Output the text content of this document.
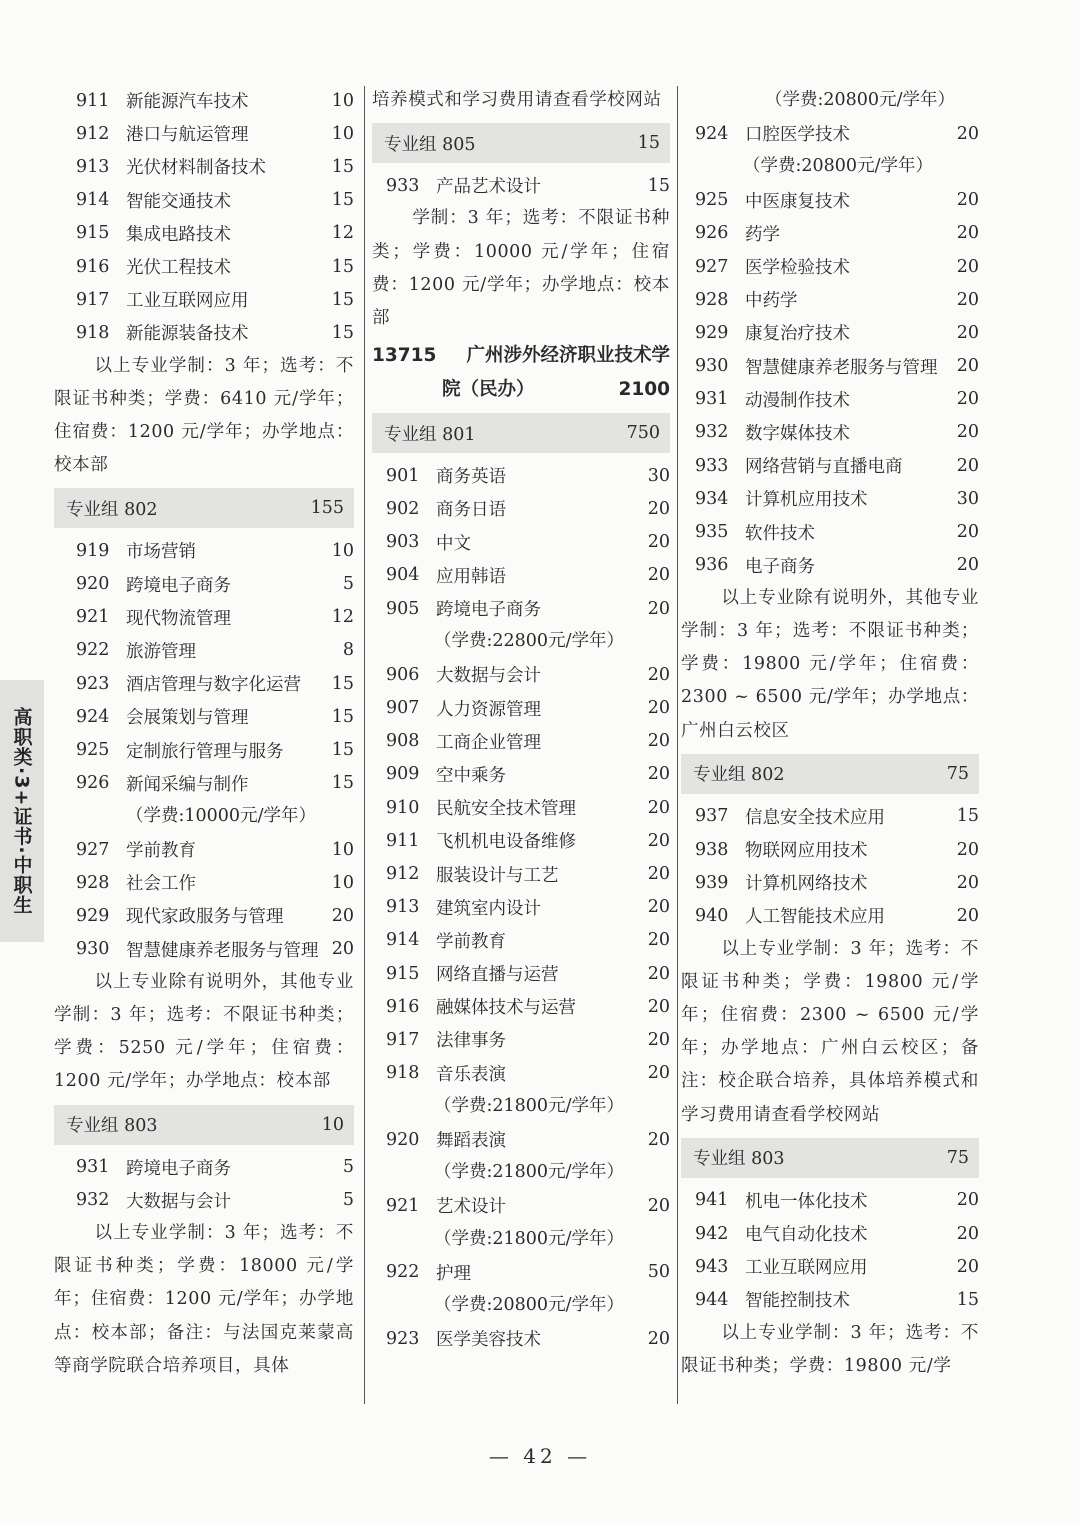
911 新能源汽车技术	10
912 港口与航运管理	10
913 光伏材料制备技术	15
914 智能交通技术	15
915 集成电路技术	12
916 光伏工程技术	15
917 工业互联网应用	15
918 新能源装备技术	15
以上专业学制：3 年；选考：不限证书种类；学费：6410 元/学年；住宿费：1200 元/学年；办学地点：校本部
专业组 802	155
919 市场营销	10
920 跨境电子商务	5
921 现代物流管理	12
922 旅游管理	8
923 酒店管理与数字化运营	15
924 会展策划与管理	15
925 定制旅行管理与服务	15
926 新闻采编与制作	15
（学费:10000元/学年）
927 学前教育	10
928 社会工作	10
929 现代家政服务与管理	20
930 智慧健康养老服务与管理 20
以上专业除有说明外，其他专业学制：3 年；选考：不限证书种类；学费：5250 元/学年；住宿费：1200 元/学年；办学地点：校本部
专业组 803	10
931 跨境电子商务	5
932 大数据与会计	5
以上专业学制：3 年；选考：不限证书种类；学费：18000 元/学年；住宿费：1200 元/学年；办学地点：校本部；备注：与法国克莱蒙高等商学院联合培养项目，具体
培养模式和学习费用请查看学校网站
专业组 805	15
933 产品艺术设计	15
学制：3 年；选考：不限证书种类；学费：10000 元/学年；住宿费：1200 元/学年；办学地点：校本部
13715 广州涉外经济职业技术学
院（民办）	2100
专业组 801	750
901 商务英语	30
902 商务日语	20
903 中文	20
904 应用韩语	20
905 跨境电子商务	20
（学费:22800元/学年）
906 大数据与会计	20
907 人力资源管理	20
908 工商企业管理	20
909 空中乘务	20
910 民航安全技术管理	20
911 飞机机电设备维修	20
912 服装设计与工艺	20
913 建筑室内设计	20
914 学前教育	20
915 网络直播与运营	20
916 融媒体技术与运营	20
917 法律事务	20
918 音乐表演	20
（学费:21800元/学年）
920 舞蹈表演	20
（学费:21800元/学年）
921 艺术设计	20
（学费:21800元/学年）
922 护理	50
（学费:20800元/学年）
923 医学美容技术	20
（学费:20800元/学年）
924 口腔医学技术	20
（学费:20800元/学年）
925 中医康复技术	20
926 药学	20
927 医学检验技术	20
928 中药学	20
929 康复治疗技术	20
930 智慧健康养老服务与管理	20
931 动漫制作技术	20
932 数字媒体技术	20
933 网络营销与直播电商	20
934 计算机应用技术	30
935 软件技术	20
936 电子商务	20
以上专业除有说明外，其他专业学制：3 年；选考：不限证书种类；学费：19800 元/学年；住宿费：2300 ~ 6500 元/学年；办学地点：广州白云校区
专业组 802	75
937 信息安全技术应用	15
938 物联网应用技术	20
939 计算机网络技术	20
940 人工智能技术应用	20
以上专业学制：3 年；选考：不限证书种类；学费：19800 元/学年；住宿费：2300 ~ 6500 元/学年；办学地点：广州白云校区；备注：校企联合培养，具体培养模式和学习费用请查看学校网站
专业组 803	75
941 机电一体化技术	20
942 电气自动化技术	20
943 工业互联网应用	20
944 智能控制技术	15
以上专业学制：3 年；选考：不限证书种类；学费：19800 元/学
高职类·3+证书·中职生
— 42 —
